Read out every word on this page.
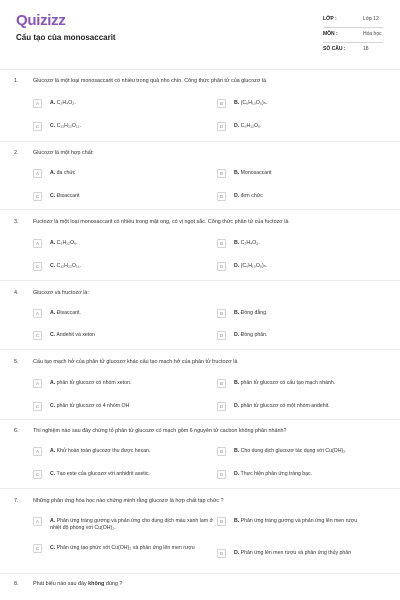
Quizizz
Cấu tạo của monosaccarit
LỚP :	Lớp 12
MÔN :	Hóa học
SỐ CÂU :	18
1.	Glucozơ là một loại monosaccarit có nhiều trong quả nho chín. Công thức phân tử của glucozơ là
A	A. C₂H₄O₂.	B	B. (C₆H₁₀O₅)ₙ.
C	C. C₁₂H₂₂O₁₁.	D	D. C₆H₁₂O₆.
2.	Glucozơ là một hợp chất:
A	A. đa chức	B	B. Monosaccarit
C	C. Đisaccarit	D	D. đơn chức
3.	Fuctozơ là một loại monosaccarit có nhiều trong mật ong, có vị ngọt sắc. Công thức phân tử của fuctozơ là
A	A. C₆H₁₂O₆.	B	B. C₂H₄O₂.
C	C. C₁₂H₂₂O₁₁.	D	D. (C₆H₁₀O₅)ₙ.
4.	Glucozơ và fructozơ là:
A	A. Đisaccarit.	B	B. Đồng đẳng.
C	C. Andehit và xeton	D	D. Đồng phân.
5.	Cấu tạo mạch hở của phân tử glucozơ khác cấu tạo mạch hở của phân tử fructozơ là
A	A. phân tử glucozơ có nhóm xeton.	B	B. phân tử glucozơ có cấu tạo mạch nhánh.
C	C. phân tử glucozơ có 4 nhóm OH	D	D. phân tử glucozơ có một nhóm andehit.
6.	Thí nghiệm nào sau đây chứng tỏ phân tử glucozơ có mạch gồm 6 nguyên tử cacbon không phân nhánh?
A	A. Khử hoàn toàn glucozơ thu được hexan.	B	B. Cho dung dịch glucozơ tác dụng với Cu(OH)₂.
C	C. Tạo este của glucozơ với anhiđrit axetic.	D	D. Thực hiện phản ứng tráng bạc.
7.	Những phản ứng hóa học nào chứng minh rằng glucozơ là hợp chất tạp chức ?
A	A. Phản ứng tráng gương và phản ứng cho dung dịch màu xanh lam ở nhiệt độ phòng với Cu(OH)₂.
B	B. Phản ứng tráng gương và phản ứng lên men rượu
C	C. Phản ứng tạo phức với Cu(OH)₂ và phản ứng lên men rượu
D	D. Phản ứng lên men rượu và phản ứng thủy phân
8.	Phát biểu nào sau đây không đúng ?
